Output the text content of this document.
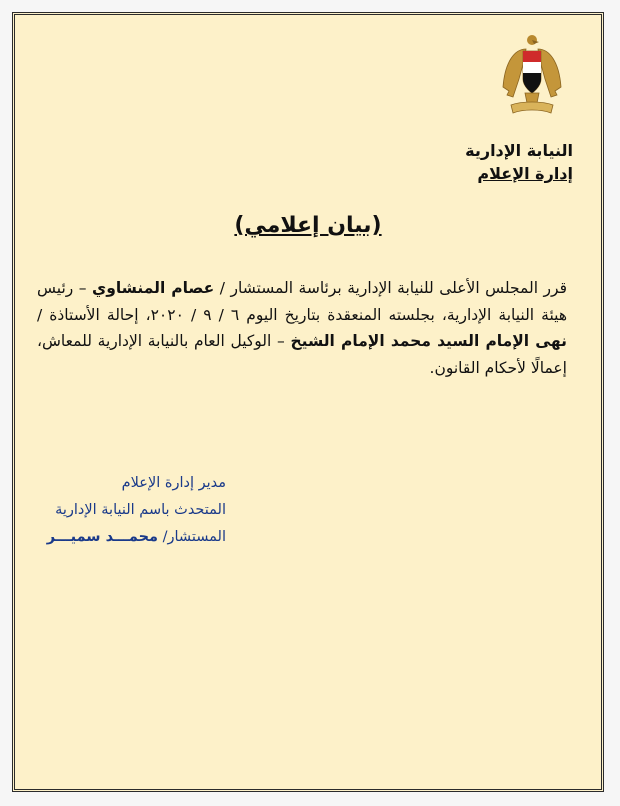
النيابة الإدارية
إدارة الإعلام
(بيان إعلامي)
قرر المجلس الأعلى للنيابة الإدارية برئاسة المستشار / عصام المنشاوي – رئيس هيئة النيابة الإدارية، بجلسته المنعقدة بتاريخ اليوم ٦ / ٩ / ٢٠٢٠، إحالة الأستاذة / نهى الإمام السيد محمد الإمام الشيخ – الوكيل العام بالنيابة الإدارية للمعاش، إعمالًا لأحكام القانون.
مدير إدارة الإعلام
المتحدث باسم النيابة الإدارية
المستشار/ محمـــد سميـــر
